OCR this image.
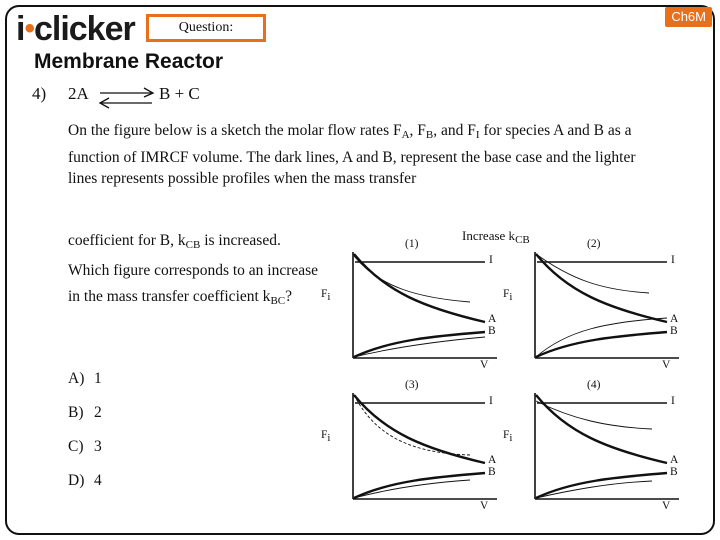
i•clicker	Question:
Ch6M
Membrane Reactor
4) 2A ⇌ B + C
On the figure below is a sketch the molar flow rates $F_A$, $F_B$, and $F_I$ for species A and B as a function of IMRCF volume. The dark lines, A and B, represent the base case and the lighter lines represents possible profiles when the mass transfer
coefficient for B, $k_{CB}$ is increased. Which figure corresponds to an increase in the mass transfer coefficient $k_{BC}$?
A) 1
B) 2
C) 3
D) 4
Increase $k_{CB}$
(1)
$F_i$
I
A
B
V
(2)
$F_i$
I
A
B
V
(3)
$F_i$
I
A
B
V
(4)
$F_i$
I
A
B
V
